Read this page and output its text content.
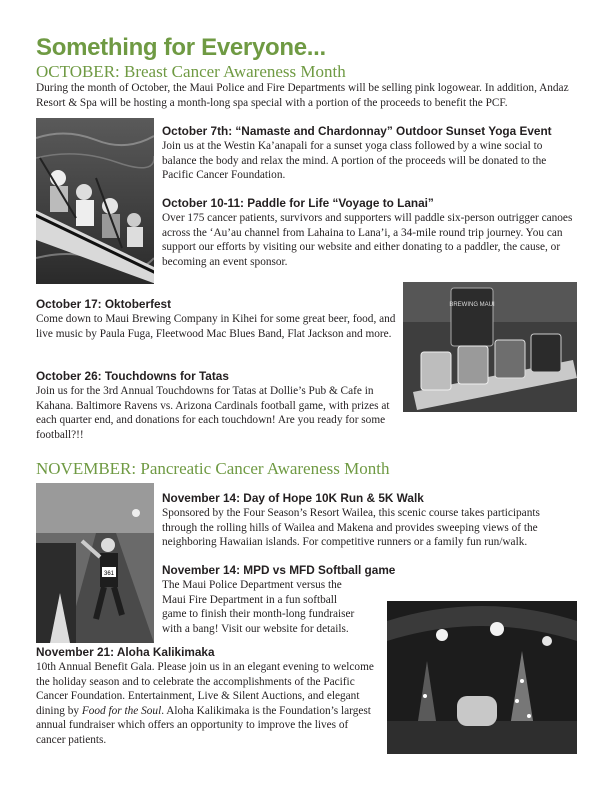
Something for Everyone...
OCTOBER: Breast Cancer Awareness Month
During the month of October, the Maui Police and Fire Departments will be selling pink logowear. In addition, Andaz Resort & Spa will be hosting a month-long spa special with a portion of the proceeds to benefit the PCF.
October 7th: “Namaste and Chardonnay” Outdoor Sunset Yoga Event
Join us at the Westin Ka’anapali for a sunset yoga class followed by a wine social to balance the body and relax the mind. A portion of the proceeds will be donated to the Pacific Cancer Foundation.
October 10-11: Paddle for Life “Voyage to Lanai”
Over 175 cancer patients, survivors and supporters will paddle six-person outrigger canoes across the ‘Au’au channel from Lahaina to Lana’i, a 34-mile round trip journey. You can support our efforts by visiting our website and either donating to a paddler, the cause, or becoming an event sponsor.
October 17: Oktoberfest
Come down to Maui Brewing Company in Kihei for some great beer, food, and live music by Paula Fuga, Fleetwood Mac Blues Band, Flat Jackson and more.
BREWING MAUI
October 26: Touchdowns for Tatas
Join us for the 3rd Annual Touchdowns for Tatas at Dollie’s Pub & Cafe in Kahana. Baltimore Ravens vs. Arizona Cardinals football game, with prizes at each quarter end, and donations for each touchdown! Are you ready for some football?!!
NOVEMBER: Pancreatic Cancer Awareness Month
361
November 14: Day of Hope 10K Run & 5K Walk
Sponsored by the Four Season’s Resort Wailea, this scenic course takes participants through the rolling hills of Wailea and Makena and provides sweeping views of the neighboring Hawaiian islands. For competitive runners or a family fun run/walk.
November 14: MPD vs MFD Softball game
The Maui Police Department versus the Maui Fire Department in a fun softball game to finish their month-long fundraiser with a bang! Visit our website for details.
November 21: Aloha Kalikimaka
10th Annual Benefit Gala. Please join us in an elegant evening to welcome the holiday season and to celebrate the accomplishments of the Pacific Cancer Foundation. Entertainment, Live & Silent Auctions, and elegant dining by Food for the Soul. Aloha Kalikimaka is the Foundation’s largest annual fundraiser which offers an opportunity to improve the lives of cancer patients.
